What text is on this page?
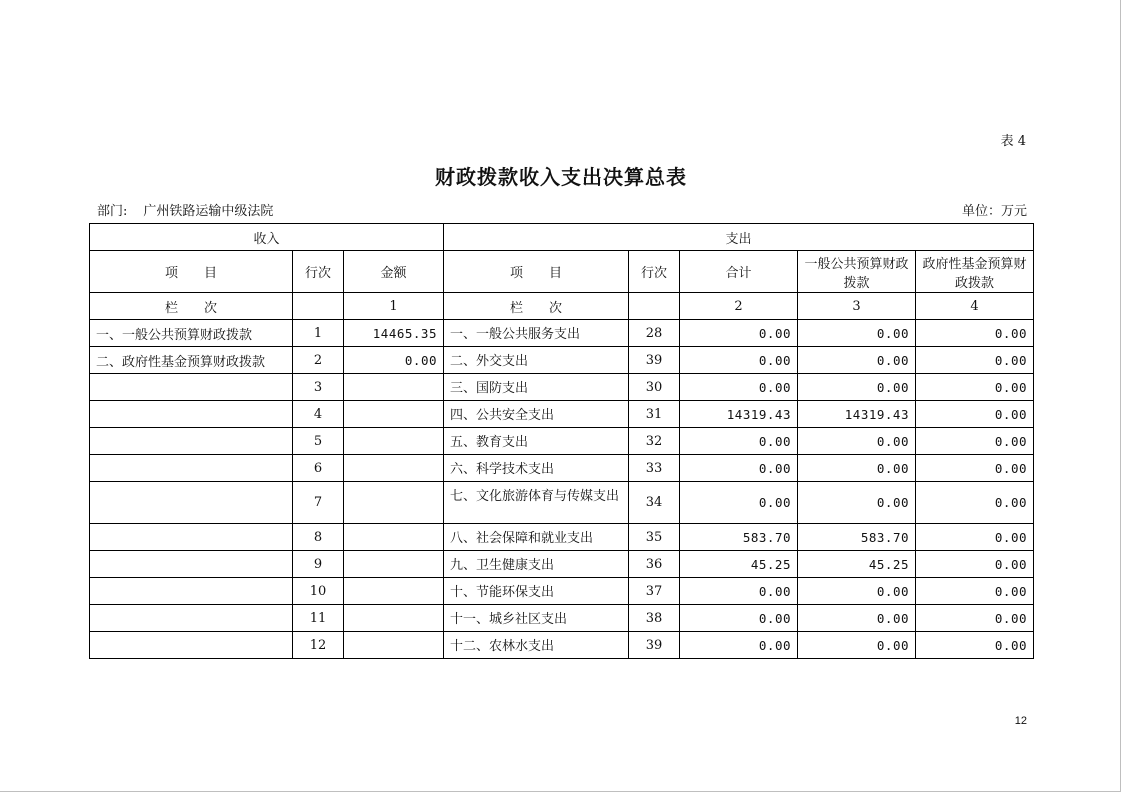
表 4
财政拨款收入支出决算总表
部门: 广州铁路运输中级法院	单位：万元
收入			支出				
项　　目	行次	金额	项　　目	行次	合计	一般公共预算财政拨款	政府性基金预算财政拨款
栏　　次		1	栏　　次		2	3	4
一、一般公共预算财政拨款	1	14465.35	一、一般公共服务支出	28	0.00	0.00	0.00
二、政府性基金预算财政拨款	2	0.00	二、外交支出	39	0.00	0.00	0.00
	3		三、国防支出	30	0.00	0.00	0.00
	4		四、公共安全支出	31	14319.43	14319.43	0.00
	5		五、教育支出	32	0.00	0.00	0.00
	6		六、科学技术支出	33	0.00	0.00	0.00
	7		七、文化旅游体育与传媒支出	34	0.00	0.00	0.00
	8		八、社会保障和就业支出	35	583.70	583.70	0.00
	9		九、卫生健康支出	36	45.25	45.25	0.00
	10		十、节能环保支出	37	0.00	0.00	0.00
	11		十一、城乡社区支出	38	0.00	0.00	0.00
	12		十二、农林水支出	39	0.00	0.00	0.00
12
